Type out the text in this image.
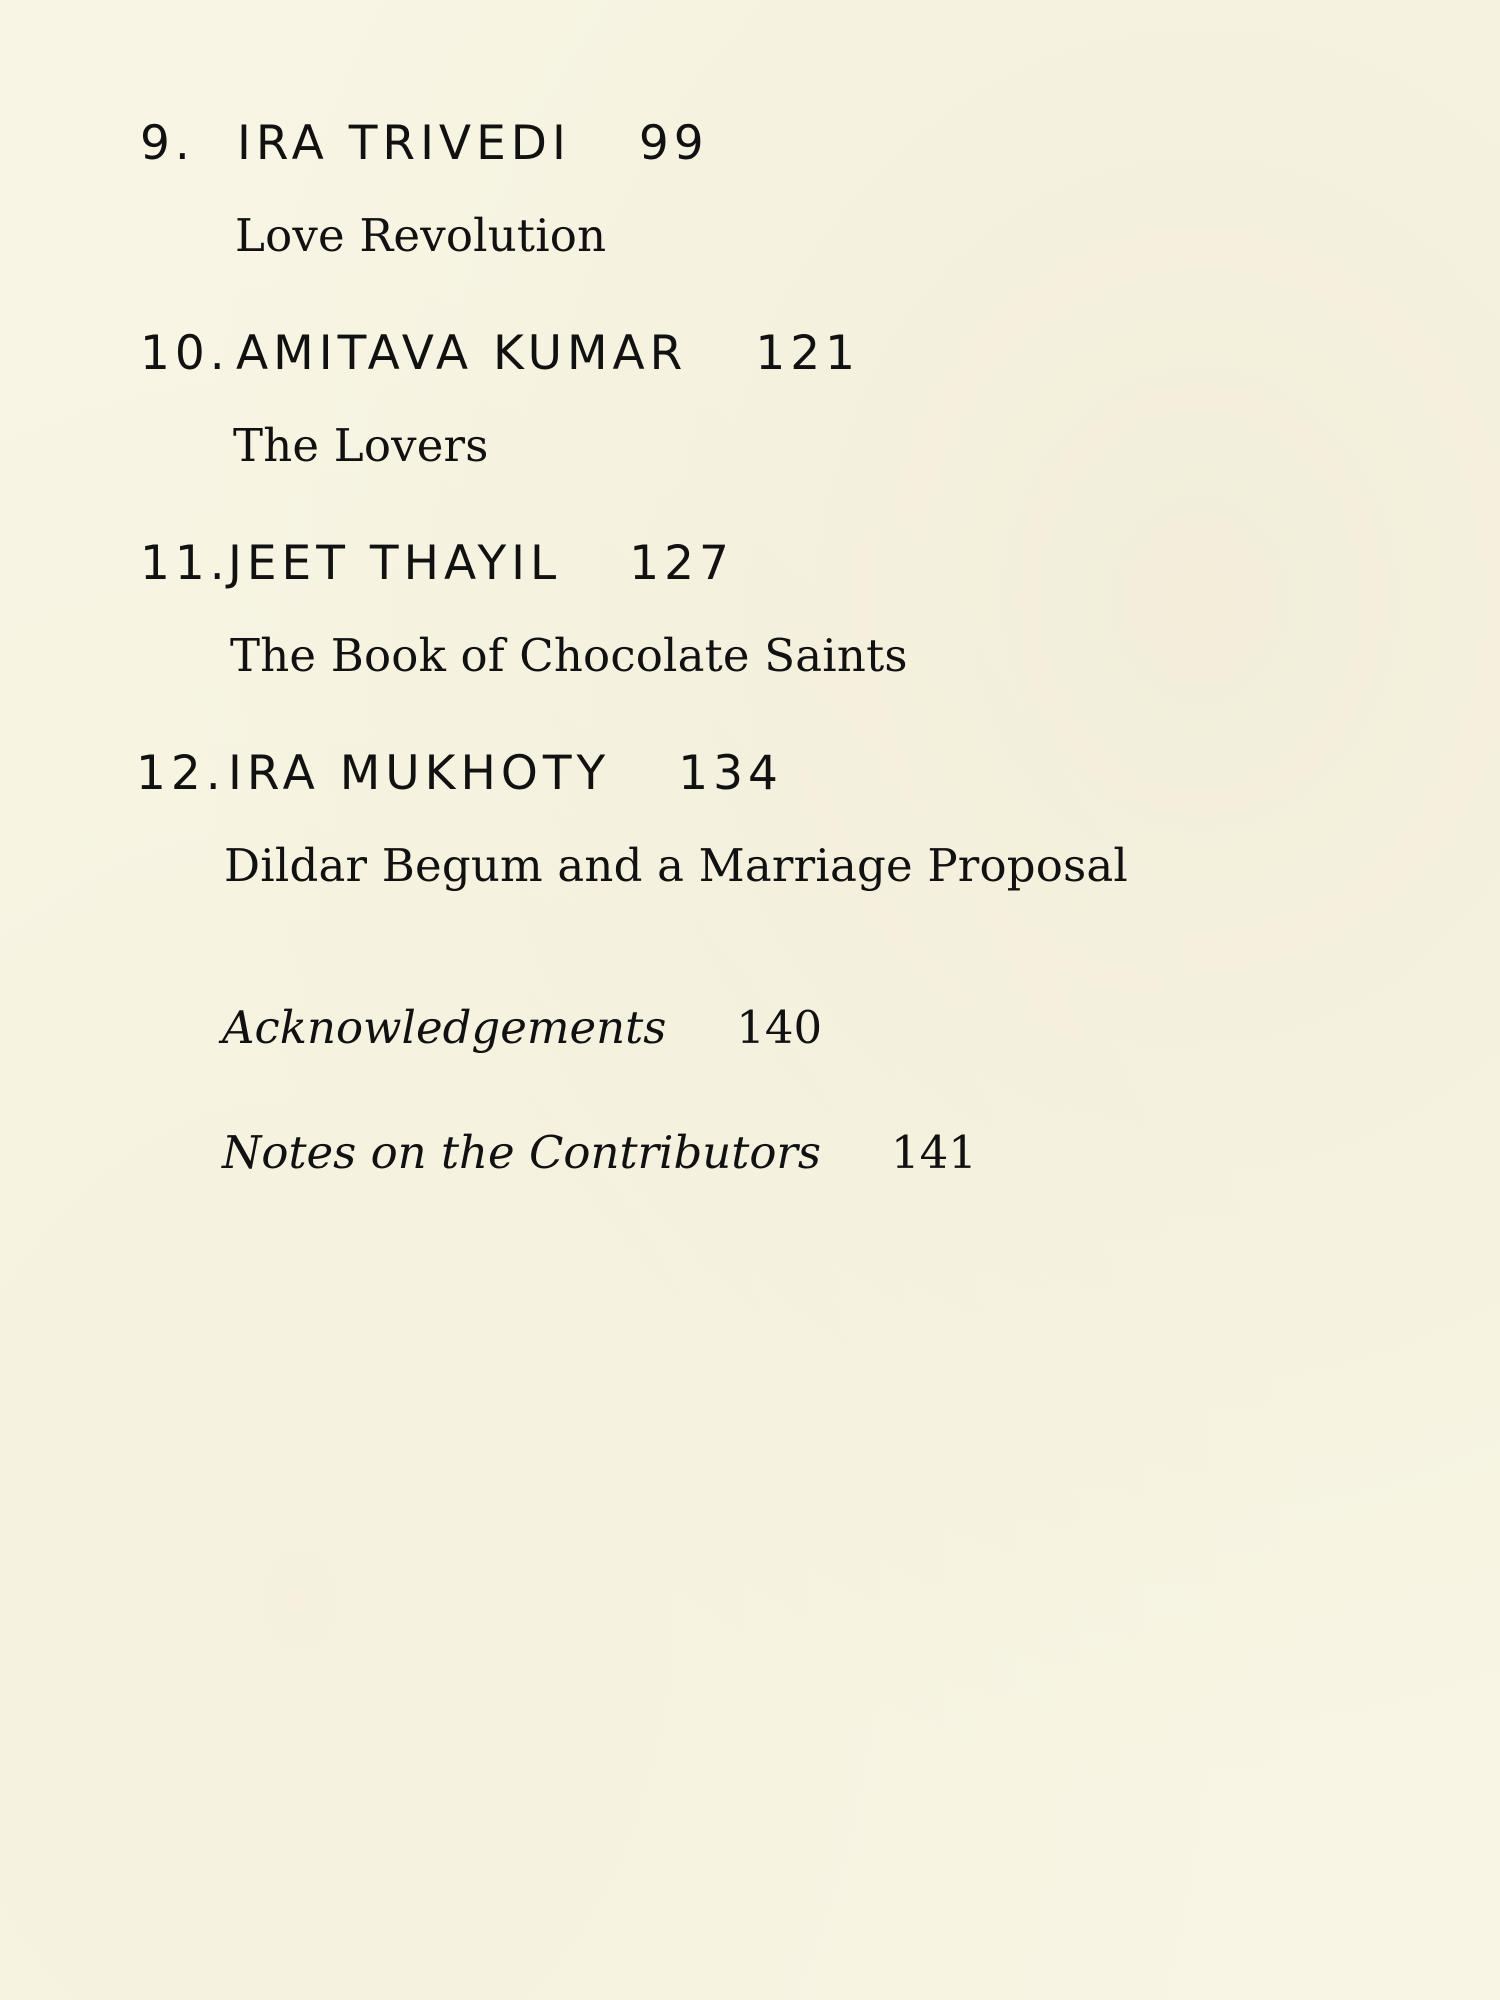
9. IRA TRIVEDI 99
Love Revolution
10. AMITAVA KUMAR 121
The Lovers
11.JEET THAYIL 127
The Book of Chocolate Saints
12.IRA MUKHOTY 134
Dildar Begum and a Marriage Proposal
Acknowledgements 140
Notes on the Contributors 141
